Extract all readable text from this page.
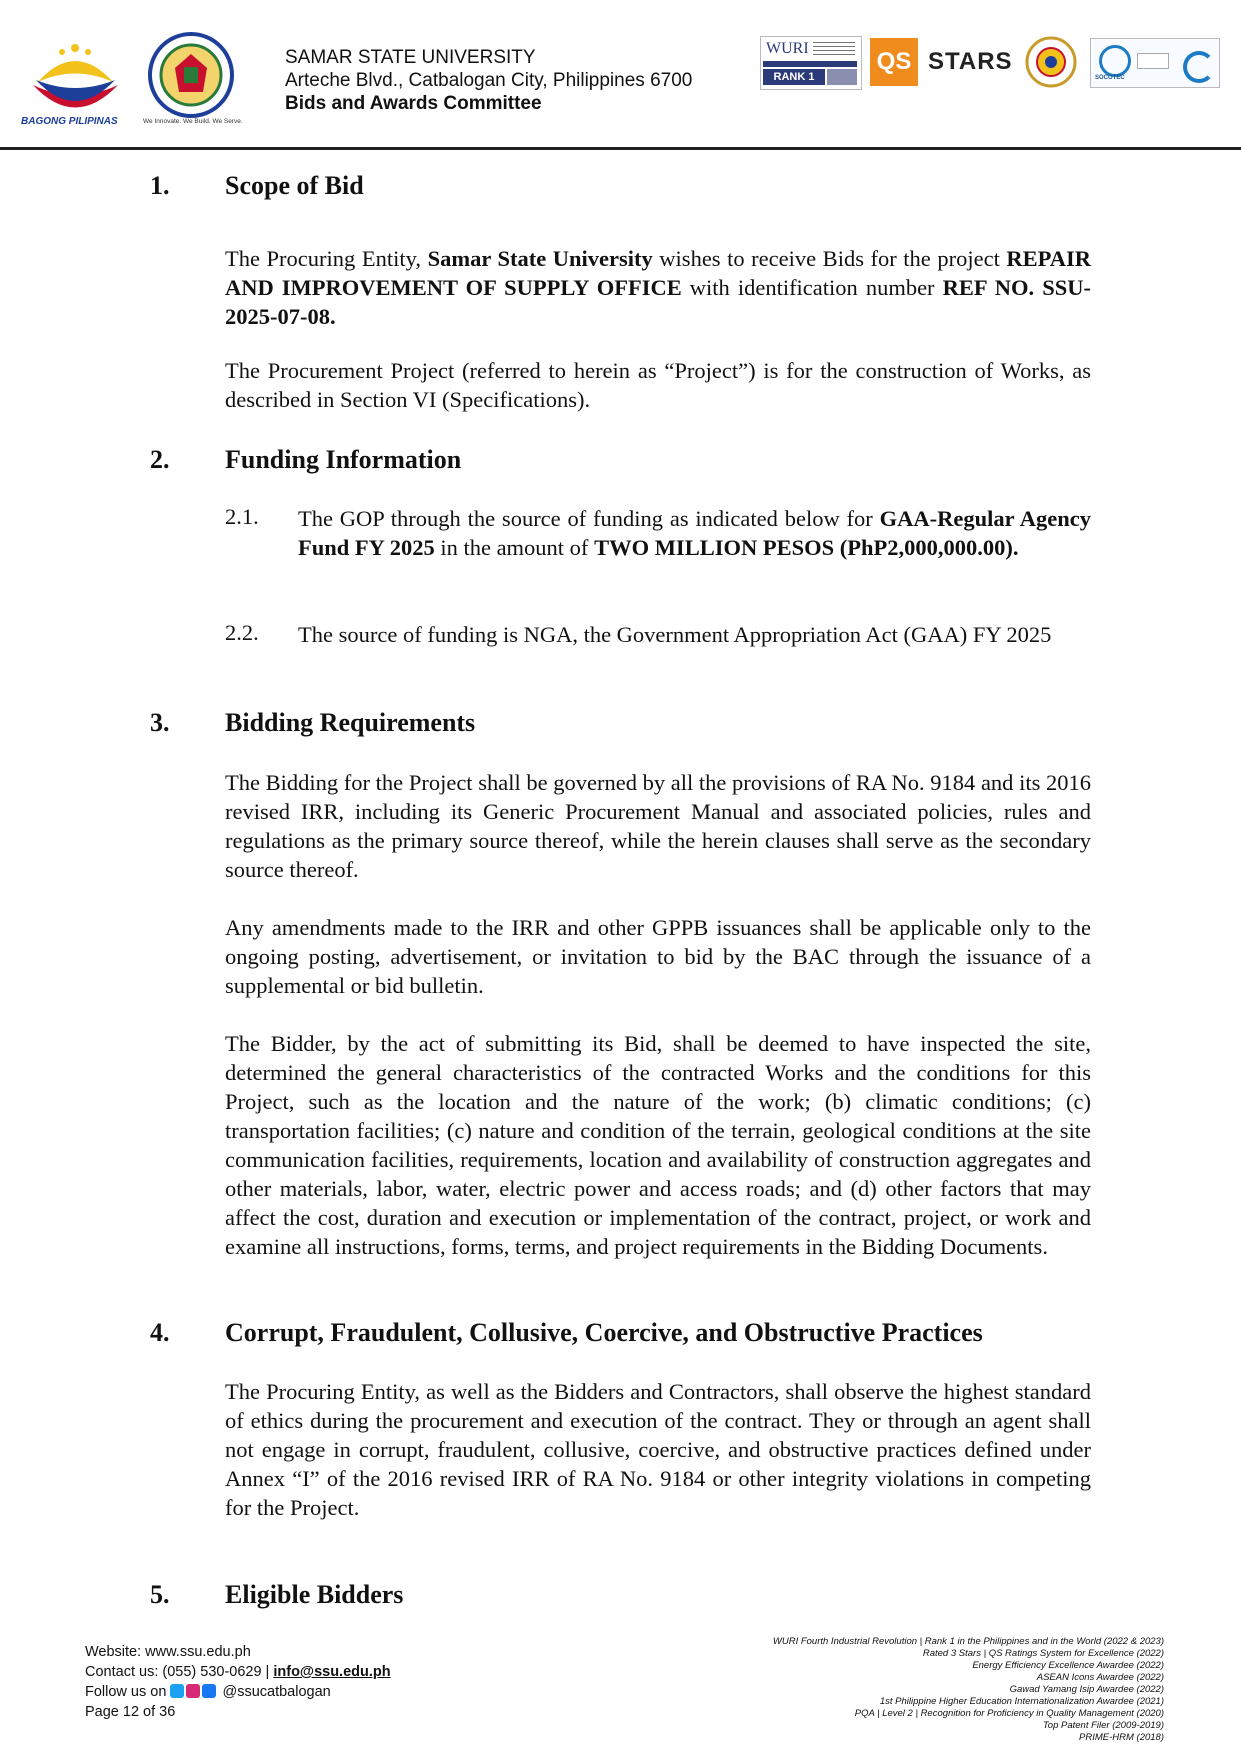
BAGONG PILIPINAS	We Innovate. We Build. We Serve.
SAMAR STATE UNIVERSITY
Arteche Blvd., Catbalogan City, Philippines 6700
Bids and Awards Committee
WURI
RANK 1
QS STARS
SOCOTEC
1. Scope of Bid
The Procuring Entity, Samar State University wishes to receive Bids for the project REPAIR AND IMPROVEMENT OF SUPPLY OFFICE with identification number REF NO. SSU-2025-07-08.
The Procurement Project (referred to herein as “Project”) is for the construction of Works, as described in Section VI (Specifications).
2. Funding Information
2.1. The GOP through the source of funding as indicated below for GAA-Regular Agency Fund FY 2025 in the amount of TWO MILLION PESOS (PhP2,000,000.00).
2.2. The source of funding is NGA, the Government Appropriation Act (GAA) FY 2025
3. Bidding Requirements
The Bidding for the Project shall be governed by all the provisions of RA No. 9184 and its 2016 revised IRR, including its Generic Procurement Manual and associated policies, rules and regulations as the primary source thereof, while the herein clauses shall serve as the secondary source thereof.
Any amendments made to the IRR and other GPPB issuances shall be applicable only to the ongoing posting, advertisement, or invitation to bid by the BAC through the issuance of a supplemental or bid bulletin.
The Bidder, by the act of submitting its Bid, shall be deemed to have inspected the site, determined the general characteristics of the contracted Works and the conditions for this Project, such as the location and the nature of the work; (b) climatic conditions; (c) transportation facilities; (c) nature and condition of the terrain, geological conditions at the site communication facilities, requirements, location and availability of construction aggregates and other materials, labor, water, electric power and access roads; and (d) other factors that may affect the cost, duration and execution or implementation of the contract, project, or work and examine all instructions, forms, terms, and project requirements in the Bidding Documents.
4. Corrupt, Fraudulent, Collusive, Coercive, and Obstructive Practices
The Procuring Entity, as well as the Bidders and Contractors, shall observe the highest standard of ethics during the procurement and execution of the contract. They or through an agent shall not engage in corrupt, fraudulent, collusive, coercive, and obstructive practices defined under Annex “I” of the 2016 revised IRR of RA No. 9184 or other integrity violations in competing for the Project.
5. Eligible Bidders
Website: www.ssu.edu.ph
Contact us: (055) 530-0629 | info@ssu.edu.ph
Follow us on	@ssucatbalogan
Page 12 of 36
WURI Fourth Industrial Revolution | Rank 1 in the Philippines and in the World (2022 & 2023)
Rated 3 Stars | QS Ratings System for Excellence (2022)
Energy Efficiency Excellence Awardee (2022)
ASEAN Icons Awardee (2022)
Gawad Yamang Isip Awardee (2022)
1st Philippine Higher Education Internationalization Awardee (2021)
PQA | Level 2 | Recognition for Proficiency in Quality Management (2020)
Top Patent Filer (2009-2019)
PRIME-HRM (2018)
